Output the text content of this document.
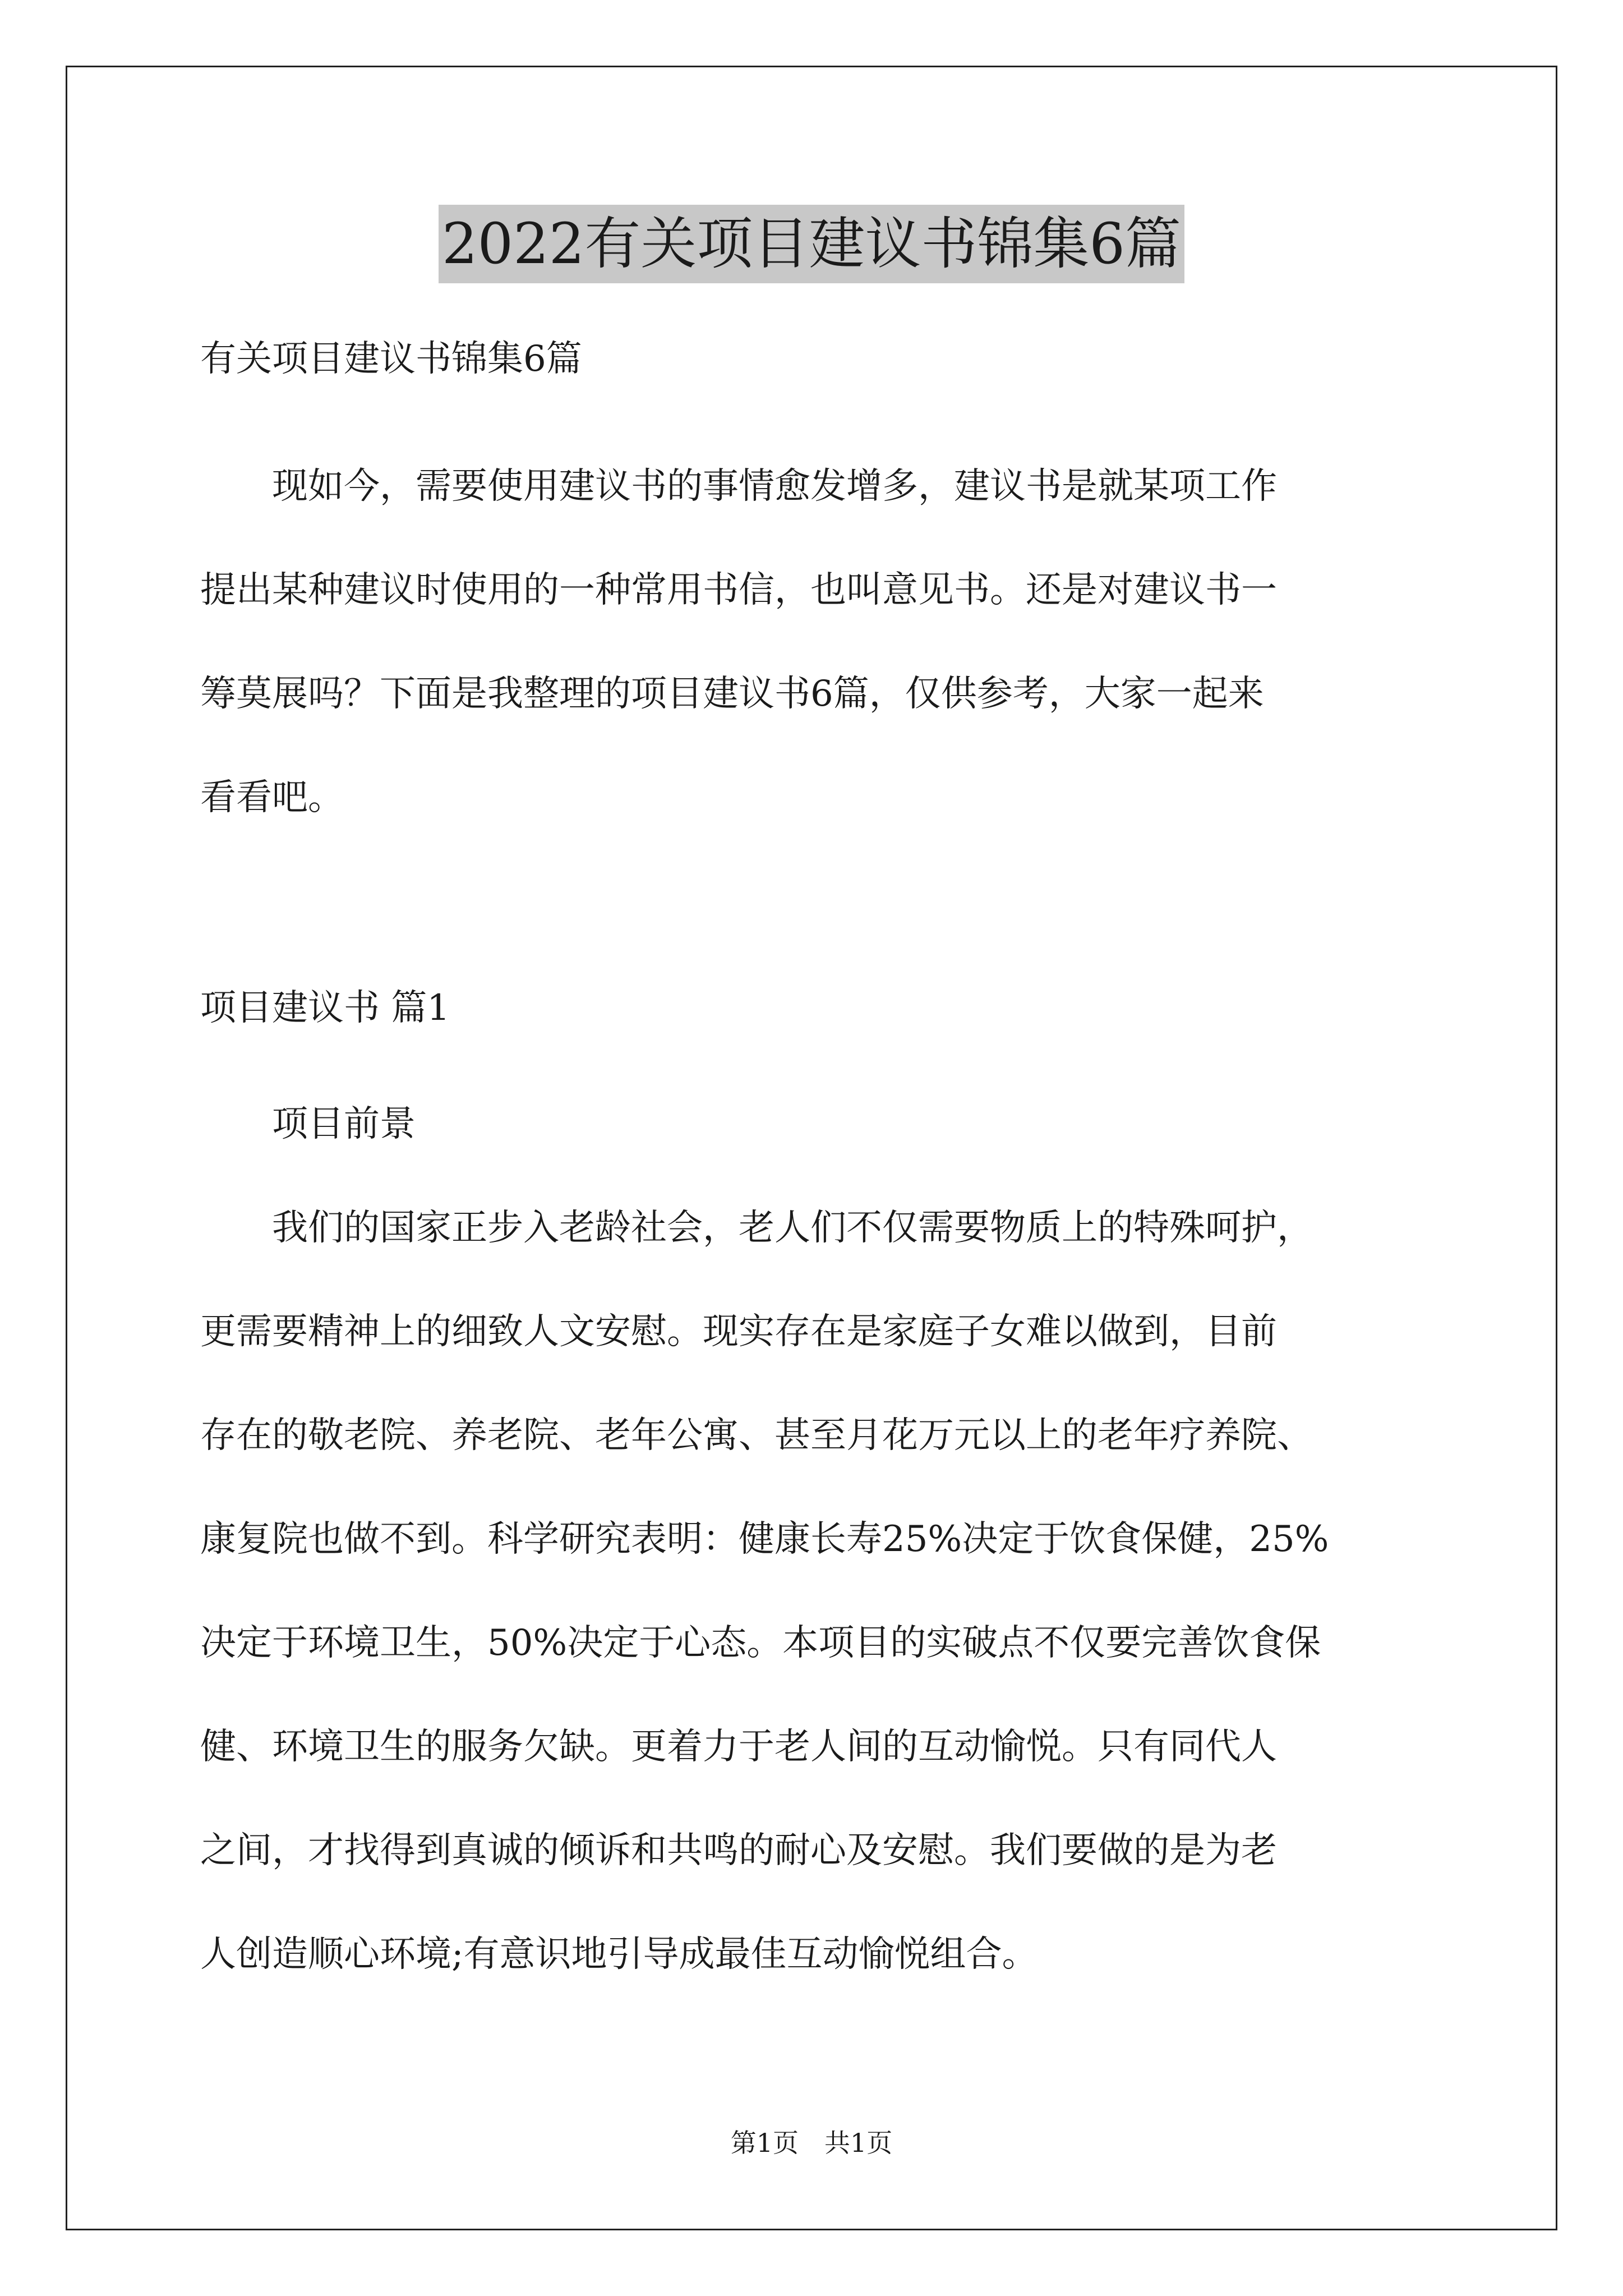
2022有关项目建议书锦集6篇

有关项目建议书锦集6篇

　　现如今，需要使用建议书的事情愈发增多，建议书是就某项工作
提出某种建议时使用的一种常用书信，也叫意见书。还是对建议书一
筹莫展吗？下面是我整理的项目建议书6篇，仅供参考，大家一起来
看看吧。

项目建议书 篇1

　　项目前景

　　我们的国家正步入老龄社会，老人们不仅需要物质上的特殊呵护，
更需要精神上的细致人文安慰。现实存在是家庭子女难以做到，目前
存在的敬老院、养老院、老年公寓、甚至月花万元以上的老年疗养院、
康复院也做不到。科学研究表明：健康长寿25%决定于饮食保健，25%
决定于环境卫生，50%决定于心态。本项目的实破点不仅要完善饮食保
健、环境卫生的服务欠缺。更着力于老人间的互动愉悦。只有同代人
之间，才找得到真诚的倾诉和共鸣的耐心及安慰。我们要做的是为老
人创造顺心环境;有意识地引导成最佳互动愉悦组合。
第1页　共1页
